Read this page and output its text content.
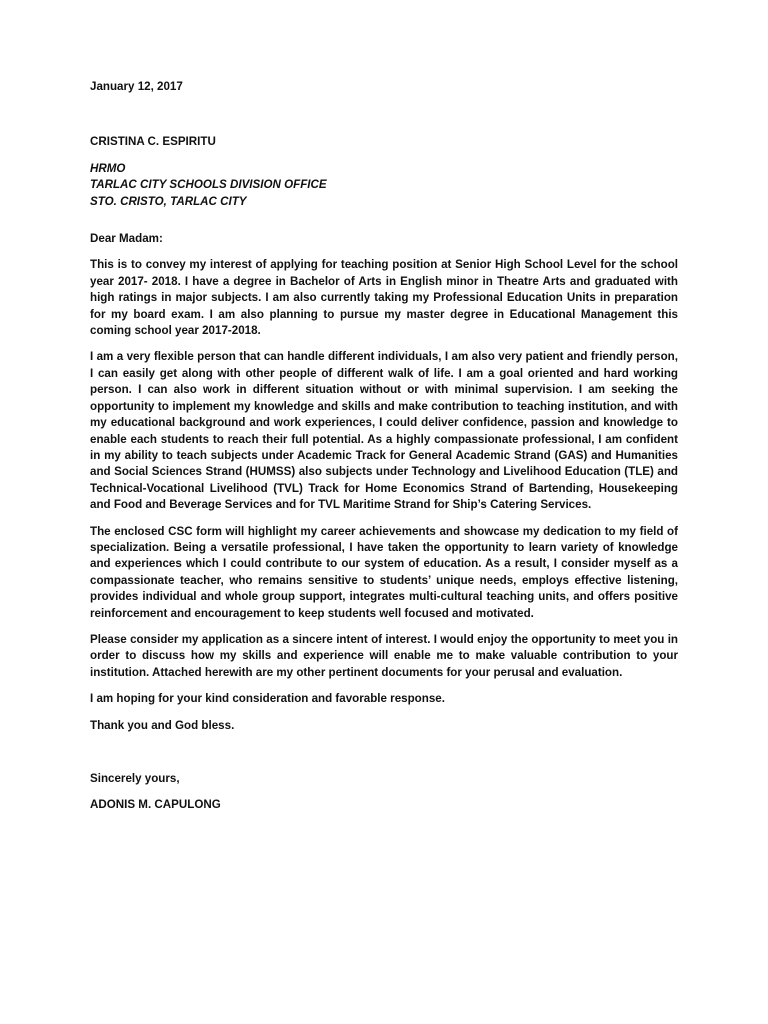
January 12, 2017

CRISTINA C. ESPIRITU

HRMO

TARLAC CITY SCHOOLS DIVISION OFFICE

STO. CRISTO, TARLAC CITY

Dear Madam:

This is to convey my interest of applying for teaching position at Senior High School Level for the school year 2017- 2018. I have a degree in Bachelor of Arts in English minor in Theatre Arts and graduated with high ratings in major subjects. I am also currently taking my Professional Education Units in preparation for my board exam. I am also planning to pursue my master degree in Educational Management this coming school year 2017-2018.

I am a very flexible person that can handle different individuals, I am also very patient and friendly person, I can easily get along with other people of different walk of life. I am a goal oriented and hard working person. I can also work in different situation without or with minimal supervision. I am seeking the opportunity to implement my knowledge and skills and make contribution to teaching institution, and with my educational background and work experiences, I could deliver confidence, passion and knowledge to enable each students to reach their full potential. As a highly compassionate professional, I am confident in my ability to teach subjects under Academic Track for General Academic Strand (GAS) and Humanities and Social Sciences Strand (HUMSS) also subjects under Technology and Livelihood Education (TLE) and Technical-Vocational Livelihood (TVL) Track for Home Economics Strand of Bartending, Housekeeping and Food and Beverage Services and for TVL Maritime Strand for Ship’s Catering Services.

The enclosed CSC form will highlight my career achievements and showcase my dedication to my field of specialization. Being a versatile professional, I have taken the opportunity to learn variety of knowledge and experiences which I could contribute to our system of education. As a result, I consider myself as a compassionate teacher, who remains sensitive to students’ unique needs, employs effective listening, provides individual and whole group support, integrates multi-cultural teaching units, and offers positive reinforcement and encouragement to keep students well focused and motivated.

Please consider my application as a sincere intent of interest. I would enjoy the opportunity to meet you in order to discuss how my skills and experience will enable me to make valuable contribution to your institution. Attached herewith are my other pertinent documents for your perusal and evaluation.

I am hoping for your kind consideration and favorable response.

Thank you and God bless.

Sincerely yours,

ADONIS M. CAPULONG
